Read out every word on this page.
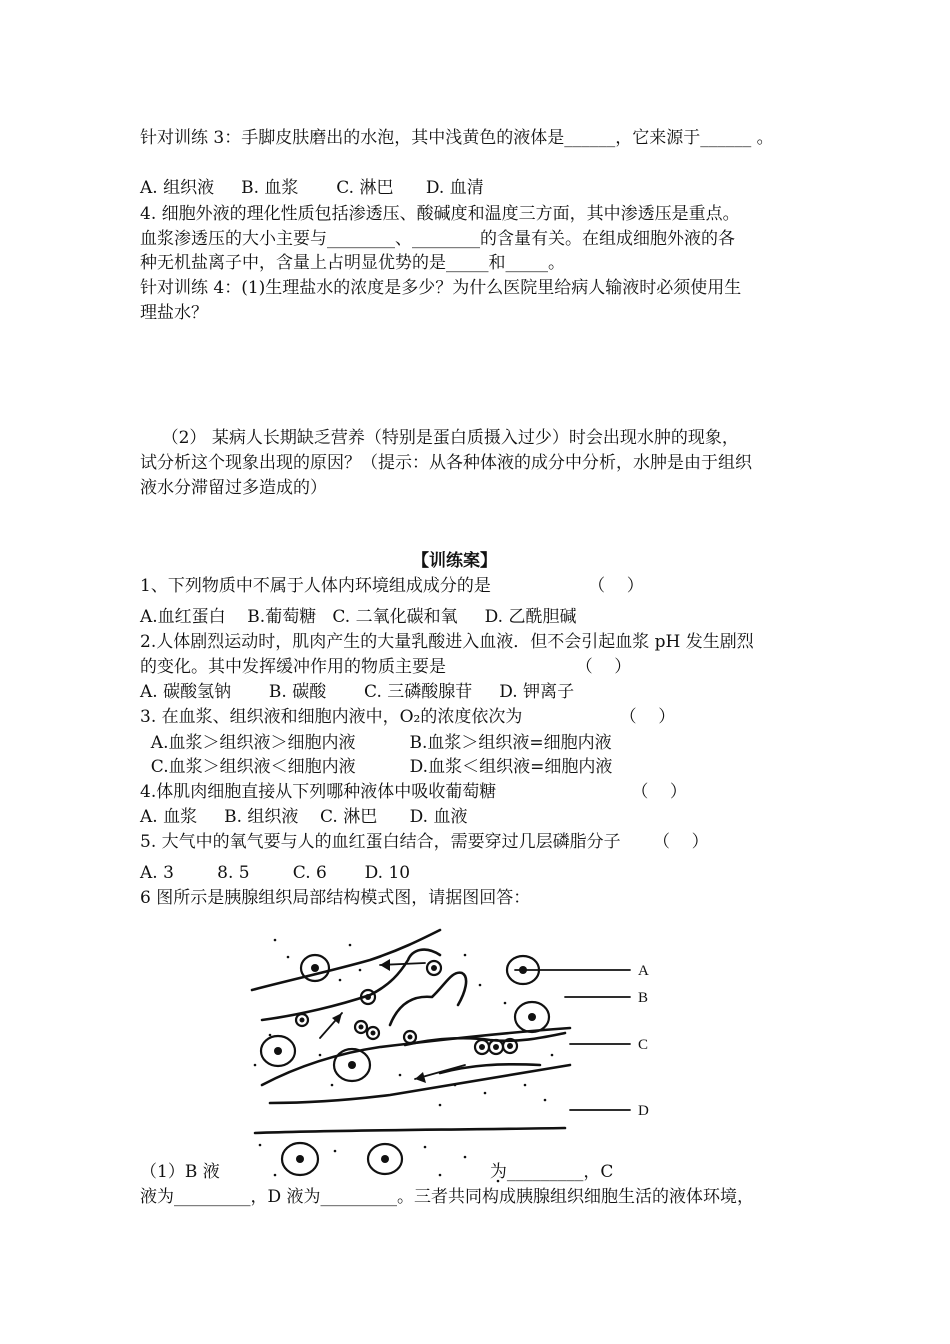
针对训练 3：手脚皮肤磨出的水泡，其中浅黄色的液体是______，它来源于______ 。
A. 组织液     B. 血浆       C. 淋巴      D. 血清
4. 细胞外液的理化性质包括渗透压、酸碱度和温度三方面，其中渗透压是重点。
血浆渗透压的大小主要与________、________的含量有关。在组成细胞外液的各
种无机盐离子中，含量上占明显优势的是_____和_____。
针对训练 4：(1)生理盐水的浓度是多少？为什么医院里给病人输液时必须使用生
理盐水？
（2） 某病人长期缺乏营养（特别是蛋白质摄入过少）时会出现水肿的现象，
试分析这个现象出现的原因？（提示：从各种体液的成分中分析，水肿是由于组织
液水分滞留过多造成的）
【训练案】
1、下列物质中不属于人体内环境组成成分的是                  （    ）
A.血红蛋白    B.葡萄糖   C. 二氧化碳和氧     D. 乙酰胆碱
2.人体剧烈运动时，肌肉产生的大量乳酸进入血液．但不会引起血浆 pH 发生剧烈
的变化。其中发挥缓冲作用的物质主要是                        （    ）
A. 碳酸氢钠       B. 碳酸       C. 三磷酸腺苷     D. 钾离子
3. 在血浆、组织液和细胞内液中，O₂的浓度依次为                  （    ）
A.血浆＞组织液＞细胞内液          B.血浆＞组织液=细胞内液
C.血浆＞组织液＜细胞内液          D.血浆＜组织液=细胞内液
4.体肌肉细胞直接从下列哪种液体中吸收葡萄糖                         （    ）
A. 血浆     B. 组织液    C. 淋巴      D. 血液
5. 大气中的氧气要与人的血红蛋白结合，需要穿过几层磷脂分子      （    ）
A. 3        8. 5        C. 6       D. 10
6 图所示是胰腺组织局部结构模式图，请据图回答：
A
B
C
D
（1）B 液                                                  为_________，C
液为_________，D 液为_________。三者共同构成胰腺组织细胞生活的液体环境，
